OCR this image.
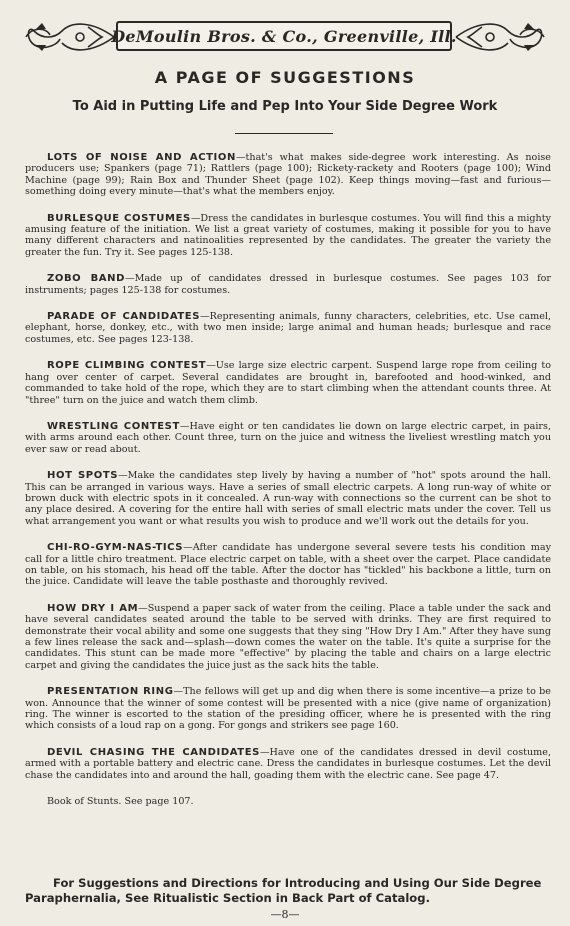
DeMoulin Bros. & Co., Greenville, Ill.
A PAGE OF SUGGESTIONS
To Aid in Putting Life and Pep Into Your Side Degree Work

LOTS OF NOISE AND ACTION—that's what makes side-degree work interesting. As noise producers use; Spankers (page 71); Rattlers (page 100); Rickety-rackety and Rooters (page 100); Wind Machine (page 99); Rain Box and Thunder Sheet (page 102). Keep things moving—fast and furious—something doing every minute—that's what the members enjoy.

BURLESQUE COSTUMES—Dress the candidates in burlesque costumes. You will find this a mighty amusing feature of the initiation. We list a great variety of costumes, making it possible for you to have many different characters and natinoalities represented by the candidates. The greater the variety the greater the fun. Try it. See pages 125-138.

ZOBO BAND—Made up of candidates dressed in burlesque costumes. See pages 103 for instruments; pages 125-138 for costumes.

PARADE OF CANDIDATES—Representing animals, funny characters, celebrities, etc. Use camel, elephant, horse, donkey, etc., with two men inside; large animal and human heads; burlesque and race costumes, etc. See pages 123-138.

ROPE CLIMBING CONTEST—Use large size electric carpent. Suspend large rope from ceiling to hang over center of carpet. Several candidates are brought in, barefooted and hood-winked, and commanded to take hold of the rope, which they are to start climbing when the attendant counts three. At "three" turn on the juice and watch them climb.

WRESTLING CONTEST—Have eight or ten candidates lie down on large electric carpet, in pairs, with arms around each other. Count three, turn on the juice and witness the liveliest wrestling match you ever saw or read about.

HOT SPOTS—Make the candidates step lively by having a number of "hot" spots around the hall. This can be arranged in various ways. Have a series of small electric carpets. A long run-way of white or brown duck with electric spots in it concealed. A run-way with connections so the current can be shot to any place desired. A covering for the entire hall with series of small electric mats under the cover. Tell us what arrangement you want or what results you wish to produce and we'll work out the details for you.

CHI-RO-GYM-NAS-TICS—After candidate has undergone several severe tests his condition may call for a little chiro treatment. Place electric carpet on table, with a sheet over the carpet. Place candidate on table, on his stomach, his head off the table. After the doctor has "tickled" his backbone a little, turn on the juice. Candidate will leave the table posthaste and thoroughly revived.

HOW DRY I AM—Suspend a paper sack of water from the ceiling. Place a table under the sack and have several candidates seated around the table to be served with drinks. They are first required to demonstrate their vocal ability and some one suggests that they sing "How Dry I Am." After they have sung a few lines release the sack and—splash—down comes the water on the table. It's quite a surprise for the candidates. This stunt can be made more "effective" by placing the table and chairs on a large electric carpet and giving the candidates the juice just as the sack hits the table.

PRESENTATION RING—The fellows will get up and dig when there is some incentive—a prize to be won. Announce that the winner of some contest will be presented with a nice (give name of organization) ring. The winner is escorted to the station of the presiding officer, where he is presented with the ring which consists of a loud rap on a gong. For gongs and strikers see page 160.

DEVIL CHASING THE CANDIDATES—Have one of the candidates dressed in devil costume, armed with a portable battery and electric cane. Dress the candidates in burlesque costumes. Let the devil chase the candidates into and around the hall, goading them with the electric cane. See page 47.

Book of Stunts. See page 107.

For Suggestions and Directions for Introducing and Using Our Side Degree Paraphernalia, See Ritualistic Section in Back Part of Catalog.
—8—
